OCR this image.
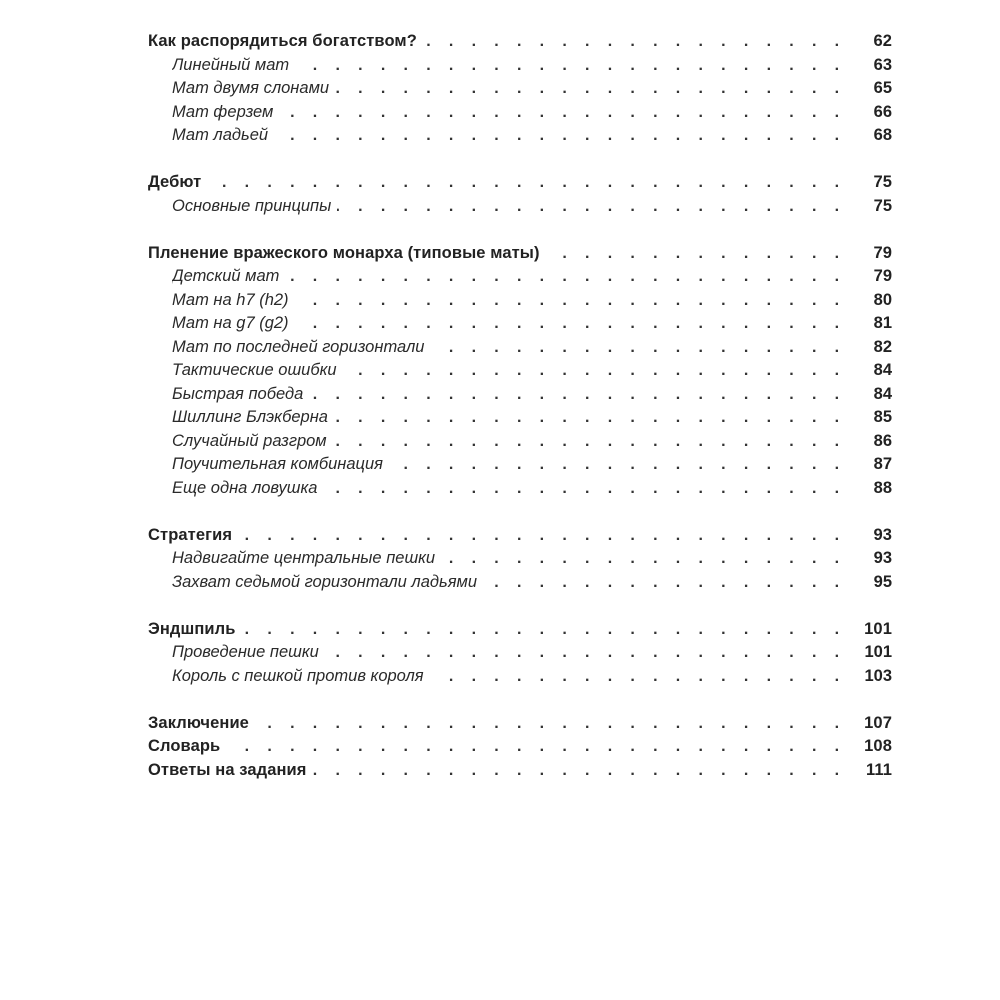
. . .
Как распорядиться богатством?	62
. . .
Линейный мат	63
. . .
Мат двумя слонами	65
. . .
Мат ферзем	66
. . .
Мат ладьей	68
. . .
Дебют	75
. . .
Основные принципы	75
. . .
Пленение вражеского монарха (типовые маты)	79
. . .
Детский мат	79
. . .
Мат на h7 (h2)	80
. . .
Мат на g7 (g2)	81
. . .
Мат по последней горизонтали	82
. . .
Тактические ошибки	84
. . .
Быстрая победа	84
. . .
Шиллинг Блэкберна	85
. . .
Случайный разгром	86
. . .
Поучительная комбинация	87
. . .
Еще одна ловушка	88
. . .
Стратегия	93
. . .
Надвигайте центральные пешки	93
. . .
Захват седьмой горизонтали ладьями	95
. . .
Эндшпиль	101
. . .
Проведение пешки	101
. . .
Король с пешкой против короля	103
. . .
Заключение	107
. . .
Словарь	108
. . .
Ответы на задания	111
